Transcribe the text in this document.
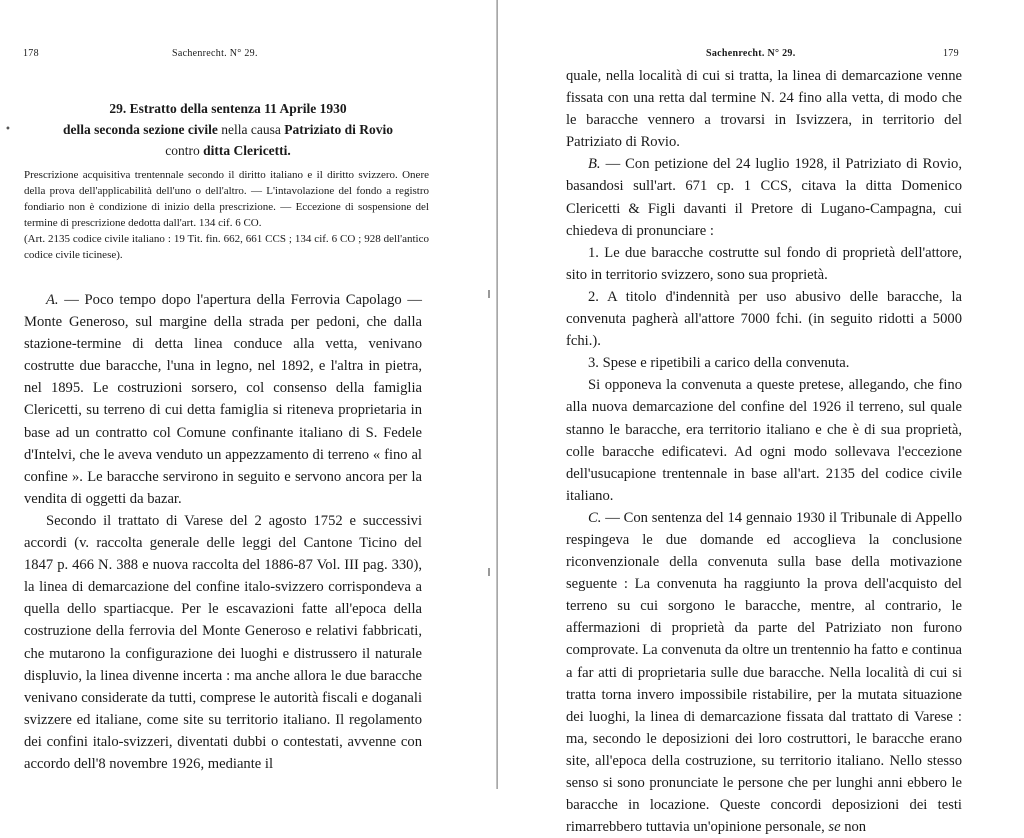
178	Sachenrecht. N° 29.
•
29. Estratto della sentenza 11 Aprile 1930
della seconda sezione civile nella causa Patriziato di Rovio
contro ditta Clericetti.

Prescrizione acquisitiva trentennale secondo il diritto italiano e il diritto svizzero. Onere della prova dell'applicabilità dell'uno o dell'altro. — L'intavolazione del fondo a registro fondiario non è condizione di inizio della prescrizione. — Eccezione di sospensione del termine di prescrizione dedotta dall'art. 134 cif. 6 CO.

(Art. 2135 codice civile italiano : 19 Tit. fin. 662, 661 CCS ; 134 cif. 6 CO ; 928 dell'antico codice civile ticinese).

A. — Poco tempo dopo l'apertura della Ferrovia Capolago — Monte Generoso, sul margine della strada per pedoni, che dalla stazione-termine di detta linea conduce alla vetta, venivano costrutte due baracche, l'una in legno, nel 1892, e l'altra in pietra, nel 1895. Le costruzioni sorsero, col consenso della famiglia Clericetti, su terreno di cui detta famiglia si riteneva proprietaria in base ad un contratto col Comune confinante italiano di S. Fedele d'Intelvi, che le aveva venduto un appezzamento di terreno « fino al confine ». Le baracche servirono in seguito e servono ancora per la vendita di oggetti da bazar.

Secondo il trattato di Varese del 2 agosto 1752 e successivi accordi (v. raccolta generale delle leggi del Cantone Ticino del 1847 p. 466 N. 388 e nuova raccolta del 1886-87 Vol. III pag. 330), la linea di demarcazione del confine italo-svizzero corrispondeva a quella dello spartiacque. Per le escavazioni fatte all'epoca della costruzione della ferrovia del Monte Generoso e relativi fabbricati, che mutarono la configurazione dei luoghi e distrussero il naturale displuvio, la linea divenne incerta : ma anche allora le due baracche venivano considerate da tutti, comprese le autorità fiscali e doganali svizzere ed italiane, come site su territorio italiano. Il regolamento dei confini italo-svizzeri, diventati dubbi o contestati, avvenne con accordo dell'8 novembre 1926, mediante il

Sachenrecht. N° 29.	179

quale, nella località di cui si tratta, la linea di demarcazione venne fissata con una retta dal termine N. 24 fino alla vetta, di modo che le baracche vennero a trovarsi in Isvizzera, in territorio del Patriziato di Rovio.

B. — Con petizione del 24 luglio 1928, il Patriziato di Rovio, basandosi sull'art. 671 cp. 1 CCS, citava la ditta Domenico Clericetti & Figli davanti il Pretore di Lugano-Campagna, cui chiedeva di pronunciare :

1. Le due baracche costrutte sul fondo di proprietà dell'attore, sito in territorio svizzero, sono sua proprietà.

2. A titolo d'indennità per uso abusivo delle baracche, la convenuta pagherà all'attore 7000 fchi. (in seguito ridotti a 5000 fchi.).

3. Spese e ripetibili a carico della convenuta.

Si opponeva la convenuta a queste pretese, allegando, che fino alla nuova demarcazione del confine del 1926 il terreno, sul quale stanno le baracche, era territorio italiano e che è di sua proprietà, colle baracche edificatevi. Ad ogni modo sollevava l'eccezione dell'usucapione trentennale in base all'art. 2135 del codice civile italiano.

C. — Con sentenza del 14 gennaio 1930 il Tribunale di Appello respingeva le due domande ed accoglieva la conclusione riconvenzionale della convenuta sulla base della motivazione seguente : La convenuta ha raggiunto la prova dell'acquisto del terreno su cui sorgono le baracche, mentre, al contrario, le affermazioni di proprietà da parte del Patriziato non furono comprovate. La convenuta da oltre un trentennio ha fatto e continua a far atti di proprietaria sulle due baracche. Nella località di cui si tratta torna invero impossibile ristabilire, per la mutata situazione dei luoghi, la linea di demarcazione fissata dal trattato di Varese : ma, secondo le deposizioni dei loro costruttori, le baracche erano site, all'epoca della costruzione, su territorio italiano. Nello stesso senso si sono pronunciate le persone che per lunghi anni ebbero le baracche in locazione. Queste concordi deposizioni dei testi rimarrebbero tuttavia un'opinione personale, se non
